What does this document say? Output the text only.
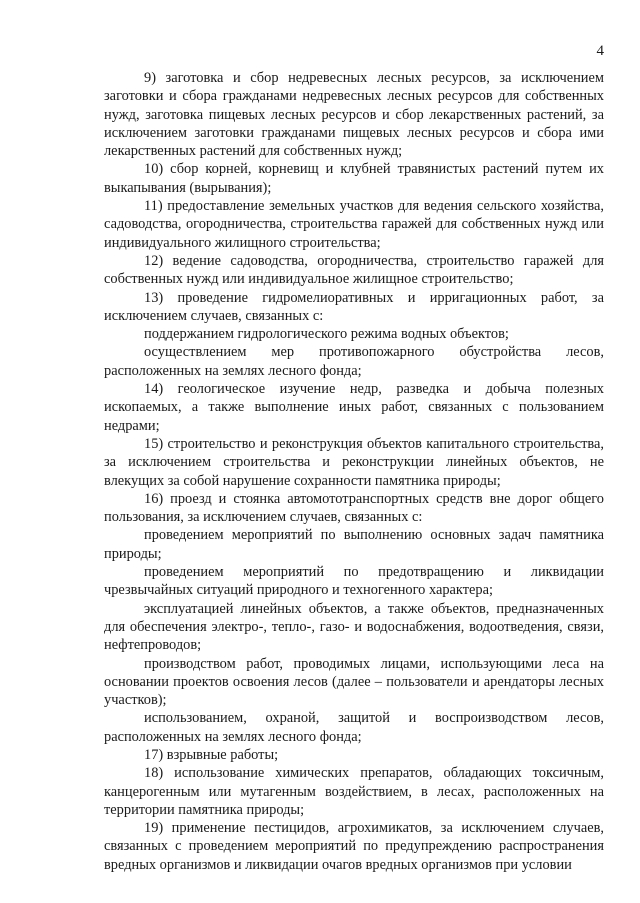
4

9) заготовка и сбор недревесных лесных ресурсов, за исключением заготовки и сбора гражданами недревесных лесных ресурсов для собственных нужд, заготовка пищевых лесных ресурсов и сбор лекарственных растений, за исключением заготовки гражданами пищевых лесных ресурсов и сбора ими лекарственных растений для собственных нужд;

10) сбор корней, корневищ и клубней травянистых растений путем их выкапывания (вырывания);

11) предоставление земельных участков для ведения сельского хозяйства, садоводства, огородничества, строительства гаражей для собственных нужд или индивидуального жилищного строительства;

12) ведение садоводства, огородничества, строительство гаражей для собственных нужд или индивидуальное жилищное строительство;

13) проведение гидромелиоративных и ирригационных работ, за исключением случаев, связанных с:

поддержанием гидрологического режима водных объектов;

осуществлением мер противопожарного обустройства лесов, расположенных на землях лесного фонда;

14) геологическое изучение недр, разведка и добыча полезных ископаемых, а также выполнение иных работ, связанных с пользованием недрами;

15) строительство и реконструкция объектов капитального строительства, за исключением строительства и реконструкции линейных объектов, не влекущих за собой нарушение сохранности памятника природы;

16) проезд и стоянка автомототранспортных средств вне дорог общего пользования, за исключением случаев, связанных с:

проведением мероприятий по выполнению основных задач памятника природы;

проведением мероприятий по предотвращению и ликвидации чрезвычайных ситуаций природного и техногенного характера;

эксплуатацией линейных объектов, а также объектов, предназначенных для обеспечения электро-, тепло-, газо- и водоснабжения, водоотведения, связи, нефтепроводов;

производством работ, проводимых лицами, использующими леса на основании проектов освоения лесов (далее – пользователи и арендаторы лесных участков);

использованием, охраной, защитой и воспроизводством лесов, расположенных на землях лесного фонда;

17) взрывные работы;

18) использование химических препаратов, обладающих токсичным, канцерогенным или мутагенным воздействием, в лесах, расположенных на территории памятника природы;

19) применение пестицидов, агрохимикатов, за исключением случаев, связанных с проведением мероприятий по предупреждению распространения вредных организмов и ликвидации очагов вредных организмов при условии
